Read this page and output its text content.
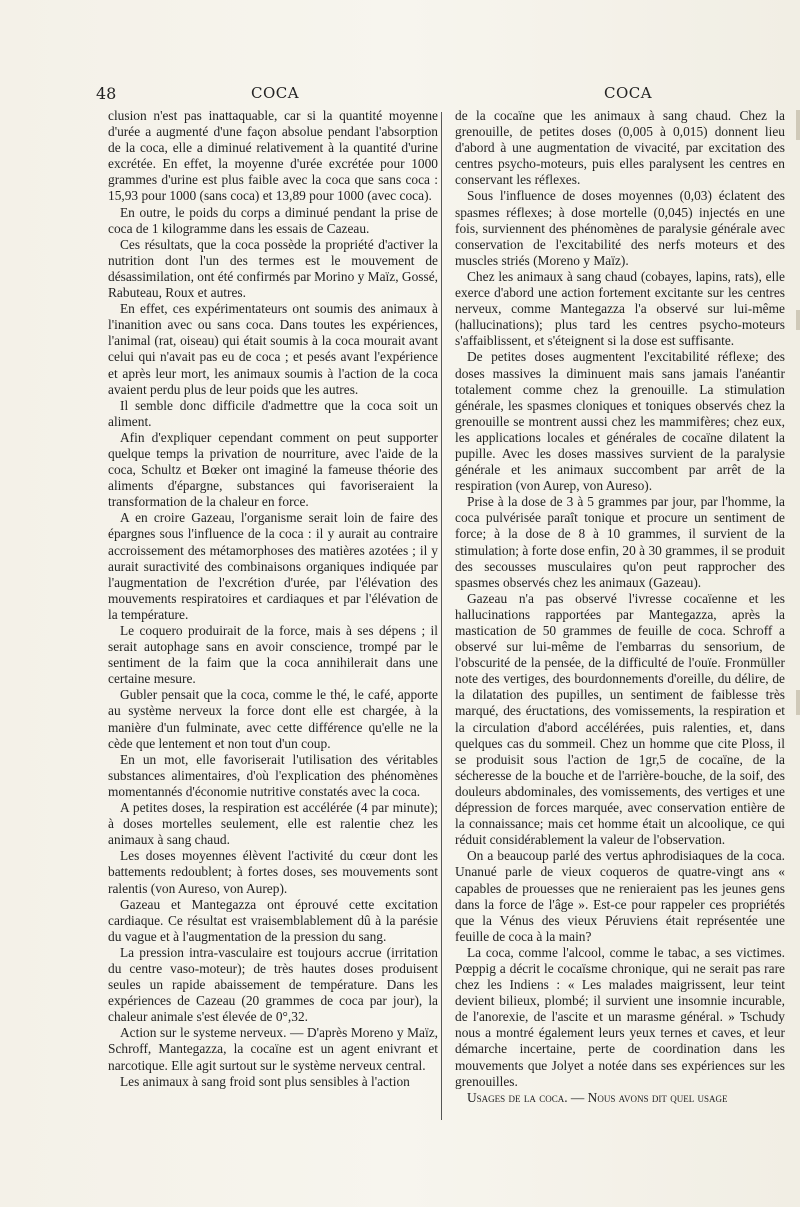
48	COCA	COCA

clusion n'est pas inattaquable, car si la quantité moyenne d'urée a augmenté d'une façon absolue pendant l'absorption de la coca, elle a diminué relativement à la quantité d'urine excrétée. En effet, la moyenne d'urée excrétée pour 1000 grammes d'urine est plus faible avec la coca que sans coca : 15,93 pour 1000 (sans coca) et 13,89 pour 1000 (avec coca).

En outre, le poids du corps a diminué pendant la prise de coca de 1 kilogramme dans les essais de Cazeau.

Ces résultats, que la coca possède la propriété d'activer la nutrition dont l'un des termes est le mouvement de désassimilation, ont été confirmés par Morino y Maïz, Gossé, Rabuteau, Roux et autres.

En effet, ces expérimentateurs ont soumis des animaux à l'inanition avec ou sans coca. Dans toutes les expériences, l'animal (rat, oiseau) qui était soumis à la coca mourait avant celui qui n'avait pas eu de coca ; et pesés avant l'expérience et après leur mort, les animaux soumis à l'action de la coca avaient perdu plus de leur poids que les autres.

Il semble donc difficile d'admettre que la coca soit un aliment.

Afin d'expliquer cependant comment on peut supporter quelque temps la privation de nourriture, avec l'aide de la coca, Schultz et Bœker ont imaginé la fameuse théorie des aliments d'épargne, substances qui favoriseraient la transformation de la chaleur en force.

A en croire Gazeau, l'organisme serait loin de faire des épargnes sous l'influence de la coca : il y aurait au contraire accroissement des métamorphoses des matières azotées ; il y aurait suractivité des combinaisons organiques indiquée par l'augmentation de l'excrétion d'urée, par l'élévation des mouvements respiratoires et cardiaques et par l'élévation de la température.

Le coquero produirait de la force, mais à ses dépens ; il serait autophage sans en avoir conscience, trompé par le sentiment de la faim que la coca annihilerait dans une certaine mesure.

Gubler pensait que la coca, comme le thé, le café, apporte au système nerveux la force dont elle est chargée, à la manière d'un fulminate, avec cette différence qu'elle ne la cède que lentement et non tout d'un coup.

En un mot, elle favoriserait l'utilisation des véritables substances alimentaires, d'où l'explication des phénomènes momentannés d'économie nutritive constatés avec la coca.

A petites doses, la respiration est accélérée (4 par minute); à doses mortelles seulement, elle est ralentie chez les animaux à sang chaud.

Les doses moyennes élèvent l'activité du cœur dont les battements redoublent; à fortes doses, ses mouvements sont ralentis (von Aureso, von Aurep).

Gazeau et Mantegazza ont éprouvé cette excitation cardiaque. Ce résultat est vraisemblablement dû à la parésie du vague et à l'augmentation de la pression du sang.

La pression intra-vasculaire est toujours accrue (irritation du centre vaso-moteur); de très hautes doses produisent seules un rapide abaissement de température. Dans les expériences de Cazeau (20 grammes de coca par jour), la chaleur animale s'est élevée de 0°,32.

Action sur le systeme nerveux. — D'après Moreno y Maïz, Schroff, Mantegazza, la cocaïne est un agent enivrant et narcotique. Elle agit surtout sur le système nerveux central.

Les animaux à sang froid sont plus sensibles à l'action

de la cocaïne que les animaux à sang chaud. Chez la grenouille, de petites doses (0,005 à 0,015) donnent lieu d'abord à une augmentation de vivacité, par excitation des centres psycho-moteurs, puis elles paralysent les centres en conservant les réflexes.

Sous l'influence de doses moyennes (0,03) éclatent des spasmes réflexes; à dose mortelle (0,045) injectés en une fois, surviennent des phénomènes de paralysie générale avec conservation de l'excitabilité des nerfs moteurs et des muscles striés (Moreno y Maïz).

Chez les animaux à sang chaud (cobayes, lapins, rats), elle exerce d'abord une action fortement excitante sur les centres nerveux, comme Mantegazza l'a observé sur lui-même (hallucinations); plus tard les centres psycho-moteurs s'affaiblissent, et s'éteignent si la dose est suffisante.

De petites doses augmentent l'excitabilité réflexe; des doses massives la diminuent mais sans jamais l'anéantir totalement comme chez la grenouille. La stimulation générale, les spasmes cloniques et toniques observés chez la grenouille se montrent aussi chez les mammifères; chez eux, les applications locales et générales de cocaïne dilatent la pupille. Avec les doses massives survient de la paralysie générale et les animaux succombent par arrêt de la respiration (von Aurep, von Aureso).

Prise à la dose de 3 à 5 grammes par jour, par l'homme, la coca pulvérisée paraît tonique et procure un sentiment de force; à la dose de 8 à 10 grammes, il survient de la stimulation; à forte dose enfin, 20 à 30 grammes, il se produit des secousses musculaires qu'on peut rapprocher des spasmes observés chez les animaux (Gazeau).

Gazeau n'a pas observé l'ivresse cocaïenne et les hallucinations rapportées par Mantegazza, après la mastication de 50 grammes de feuille de coca. Schroff a observé sur lui-même de l'embarras du sensorium, de l'obscurité de la pensée, de la difficulté de l'ouïe. Fronmüller note des vertiges, des bourdonnements d'oreille, du délire, de la dilatation des pupilles, un sentiment de faiblesse très marqué, des éructations, des vomissements, la respiration et la circulation d'abord accélérées, puis ralenties, et, dans quelques cas du sommeil. Chez un homme que cite Ploss, il se produisit sous l'action de 1gr,5 de cocaïne, de la sécheresse de la bouche et de l'arrière-bouche, de la soif, des douleurs abdominales, des vomissements, des vertiges et une dépression de forces marquée, avec conservation entière de la connaissance; mais cet homme était un alcoolique, ce qui réduit considérablement la valeur de l'observation.

On a beaucoup parlé des vertus aphrodisiaques de la coca. Unanué parle de vieux coqueros de quatre-vingt ans « capables de prouesses que ne renieraient pas les jeunes gens dans la force de l'âge ». Est-ce pour rappeler ces propriétés que la Vénus des vieux Péruviens était représentée une feuille de coca à la main?

La coca, comme l'alcool, comme le tabac, a ses victimes. Pœppig a décrit le cocaïsme chronique, qui ne serait pas rare chez les Indiens : « Les malades maigrissent, leur teint devient bilieux, plombé; il survient une insomnie incurable, de l'anorexie, de l'ascite et un marasme général. » Tschudy nous a montré également leurs yeux ternes et caves, et leur démarche incertaine, perte de coordination dans les mouvements que Jolyet a notée dans ses expériences sur les grenouilles.

Usages de la coca. — Nous avons dit quel usage
